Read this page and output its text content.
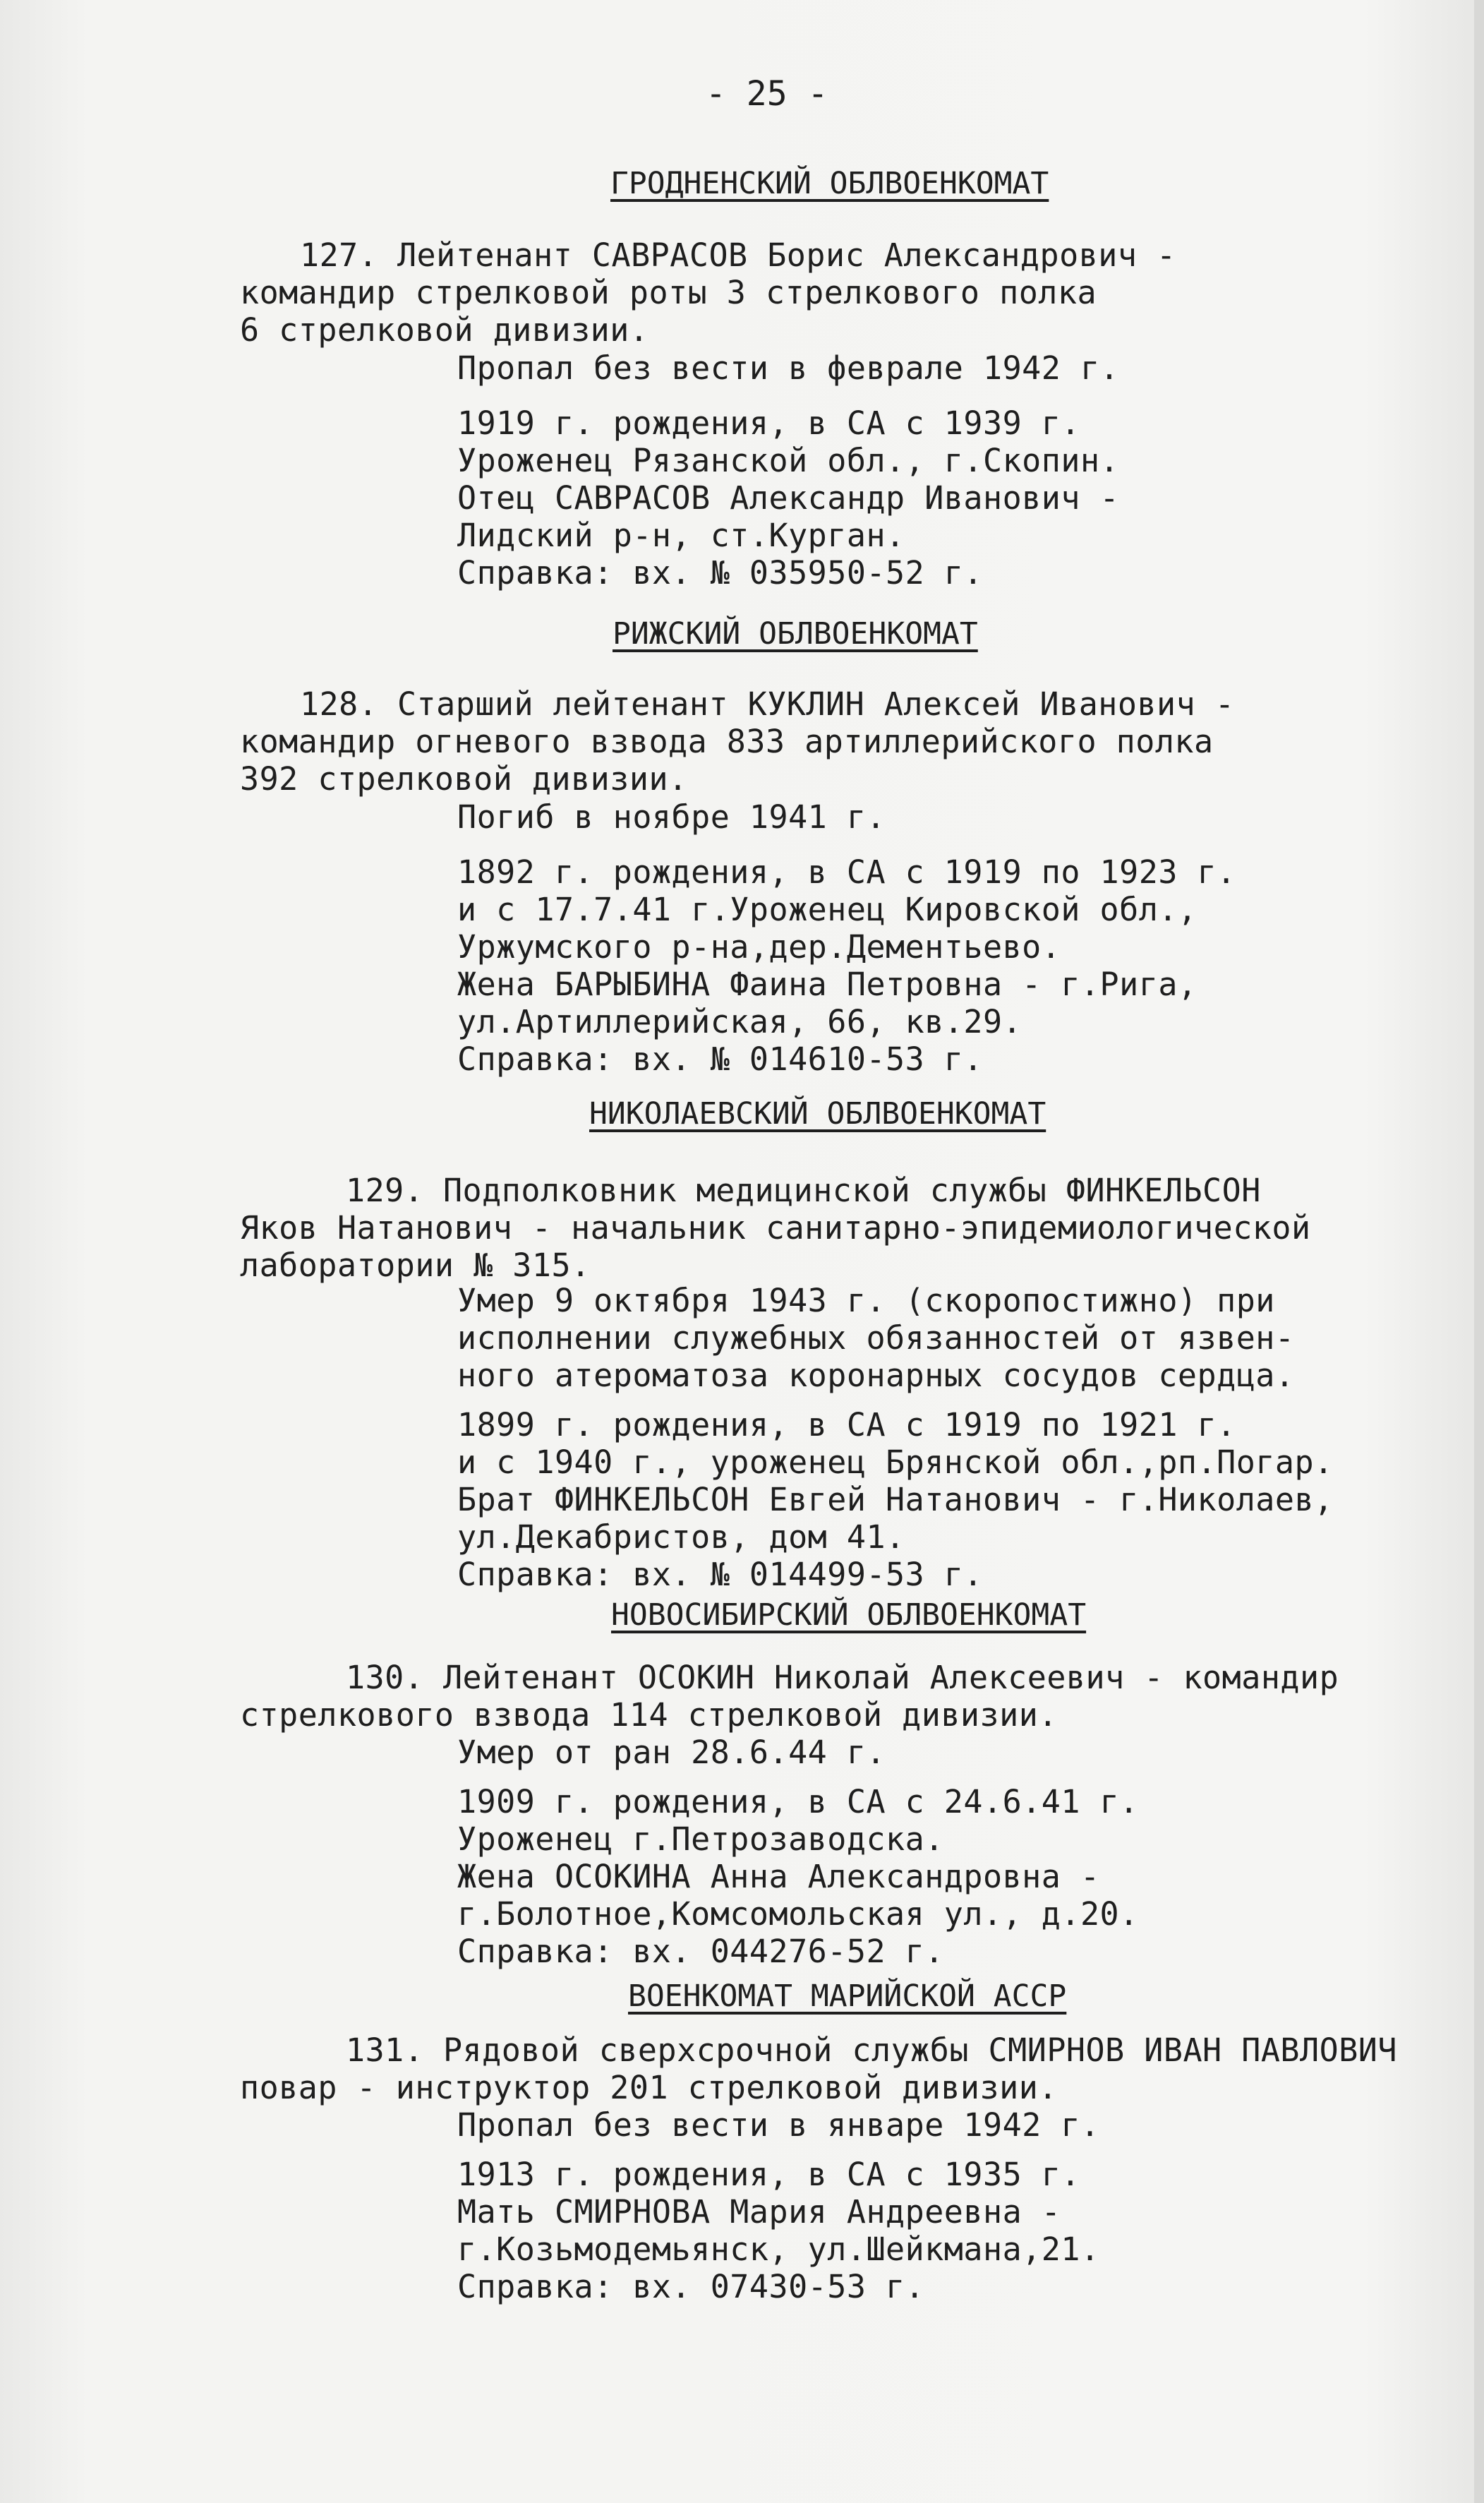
- 25 -
ГРОДНЕНСКИЙ ОБЛВОЕНКОМАТ
127. Лейтенант САВРАСОВ Борис Александрович -
командир стрелковой роты 3 стрелкового полка
6 стрелковой дивизии.
Пропал без вести в феврале 1942 г.
1919 г. рождения, в СА с 1939 г.
Уроженец Рязанской обл., г.Скопин.
Отец САВРАСОВ Александр Иванович -
Лидский р-н, ст.Курган.
Справка: вх. № 035950-52 г.
РИЖСКИЙ ОБЛВОЕНКОМАТ
128. Старший лейтенант КУКЛИН Алексей Иванович -
командир огневого взвода 833 артиллерийского полка
392 стрелковой дивизии.
Погиб в ноябре 1941 г.
1892 г. рождения, в СА с 1919 по 1923 г.
и с 17.7.41 г.Уроженец Кировской обл.,
Уржумского р-на,дер.Дементьево.
Жена БАРЫБИНА Фаина Петровна - г.Рига,
ул.Артиллерийская, 66, кв.29.
Справка: вх. № 014610-53 г.
НИКОЛАЕВСКИЙ ОБЛВОЕНКОМАТ
129. Подполковник медицинской службы ФИНКЕЛЬСОН
Яков Натанович - начальник санитарно-эпидемиологической
лаборатории № 315.
Умер 9 октября 1943 г. (скоропостижно) при
исполнении служебных обязанностей от язвен-
ного атероматоза коронарных сосудов сердца.
1899 г. рождения, в СА с 1919 по 1921 г.
и с 1940 г., уроженец Брянской обл.,рп.Погар.
Брат ФИНКЕЛЬСОН Евгей Натанович - г.Николаев,
ул.Декабристов, дом 41.
Справка: вх. № 014499-53 г.
НОВОСИБИРСКИЙ ОБЛВОЕНКОМАТ
130. Лейтенант ОСОКИН Николай Алексеевич - командир
стрелкового взвода 114 стрелковой дивизии.
Умер от ран 28.6.44 г.
1909 г. рождения, в СА с 24.6.41 г.
Уроженец г.Петрозаводска.
Жена ОСОКИНА Анна Александровна -
г.Болотное,Комсомольская ул., д.20.
Справка: вх. 044276-52 г.
ВОЕНКОМАТ МАРИЙСКОЙ АССР
131. Рядовой сверхсрочной службы СМИРНОВ ИВАН ПАВЛОВИЧ
повар - инструктор 201 стрелковой дивизии.
Пропал без вести в январе 1942 г.
1913 г. рождения, в СА с 1935 г.
Мать СМИРНОВА Мария Андреевна -
г.Козьмодемьянск, ул.Шейкмана,21.
Справка: вх. 07430-53 г.
